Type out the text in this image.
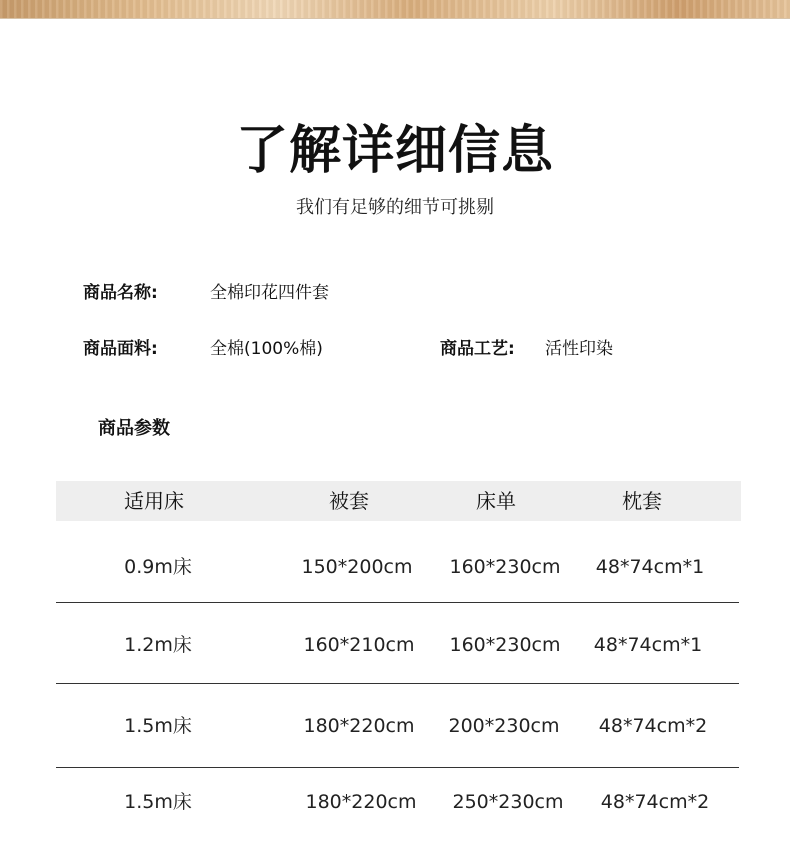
了解详细信息
我们有足够的细节可挑剔
商品名称:	全棉印花四件套
商品面料:	全棉(100%棉)	商品工艺: 活性印染
商品参数
适用床	被套	床单	枕套
0.9m床	150*200cm 160*230cm 48*74cm*1
1.2m床	160*210cm 160*230cm 48*74cm*1
1.5m床	180*220cm 200*230cm 48*74cm*2
1.5m床	180*220cm 250*230cm 48*74cm*2
